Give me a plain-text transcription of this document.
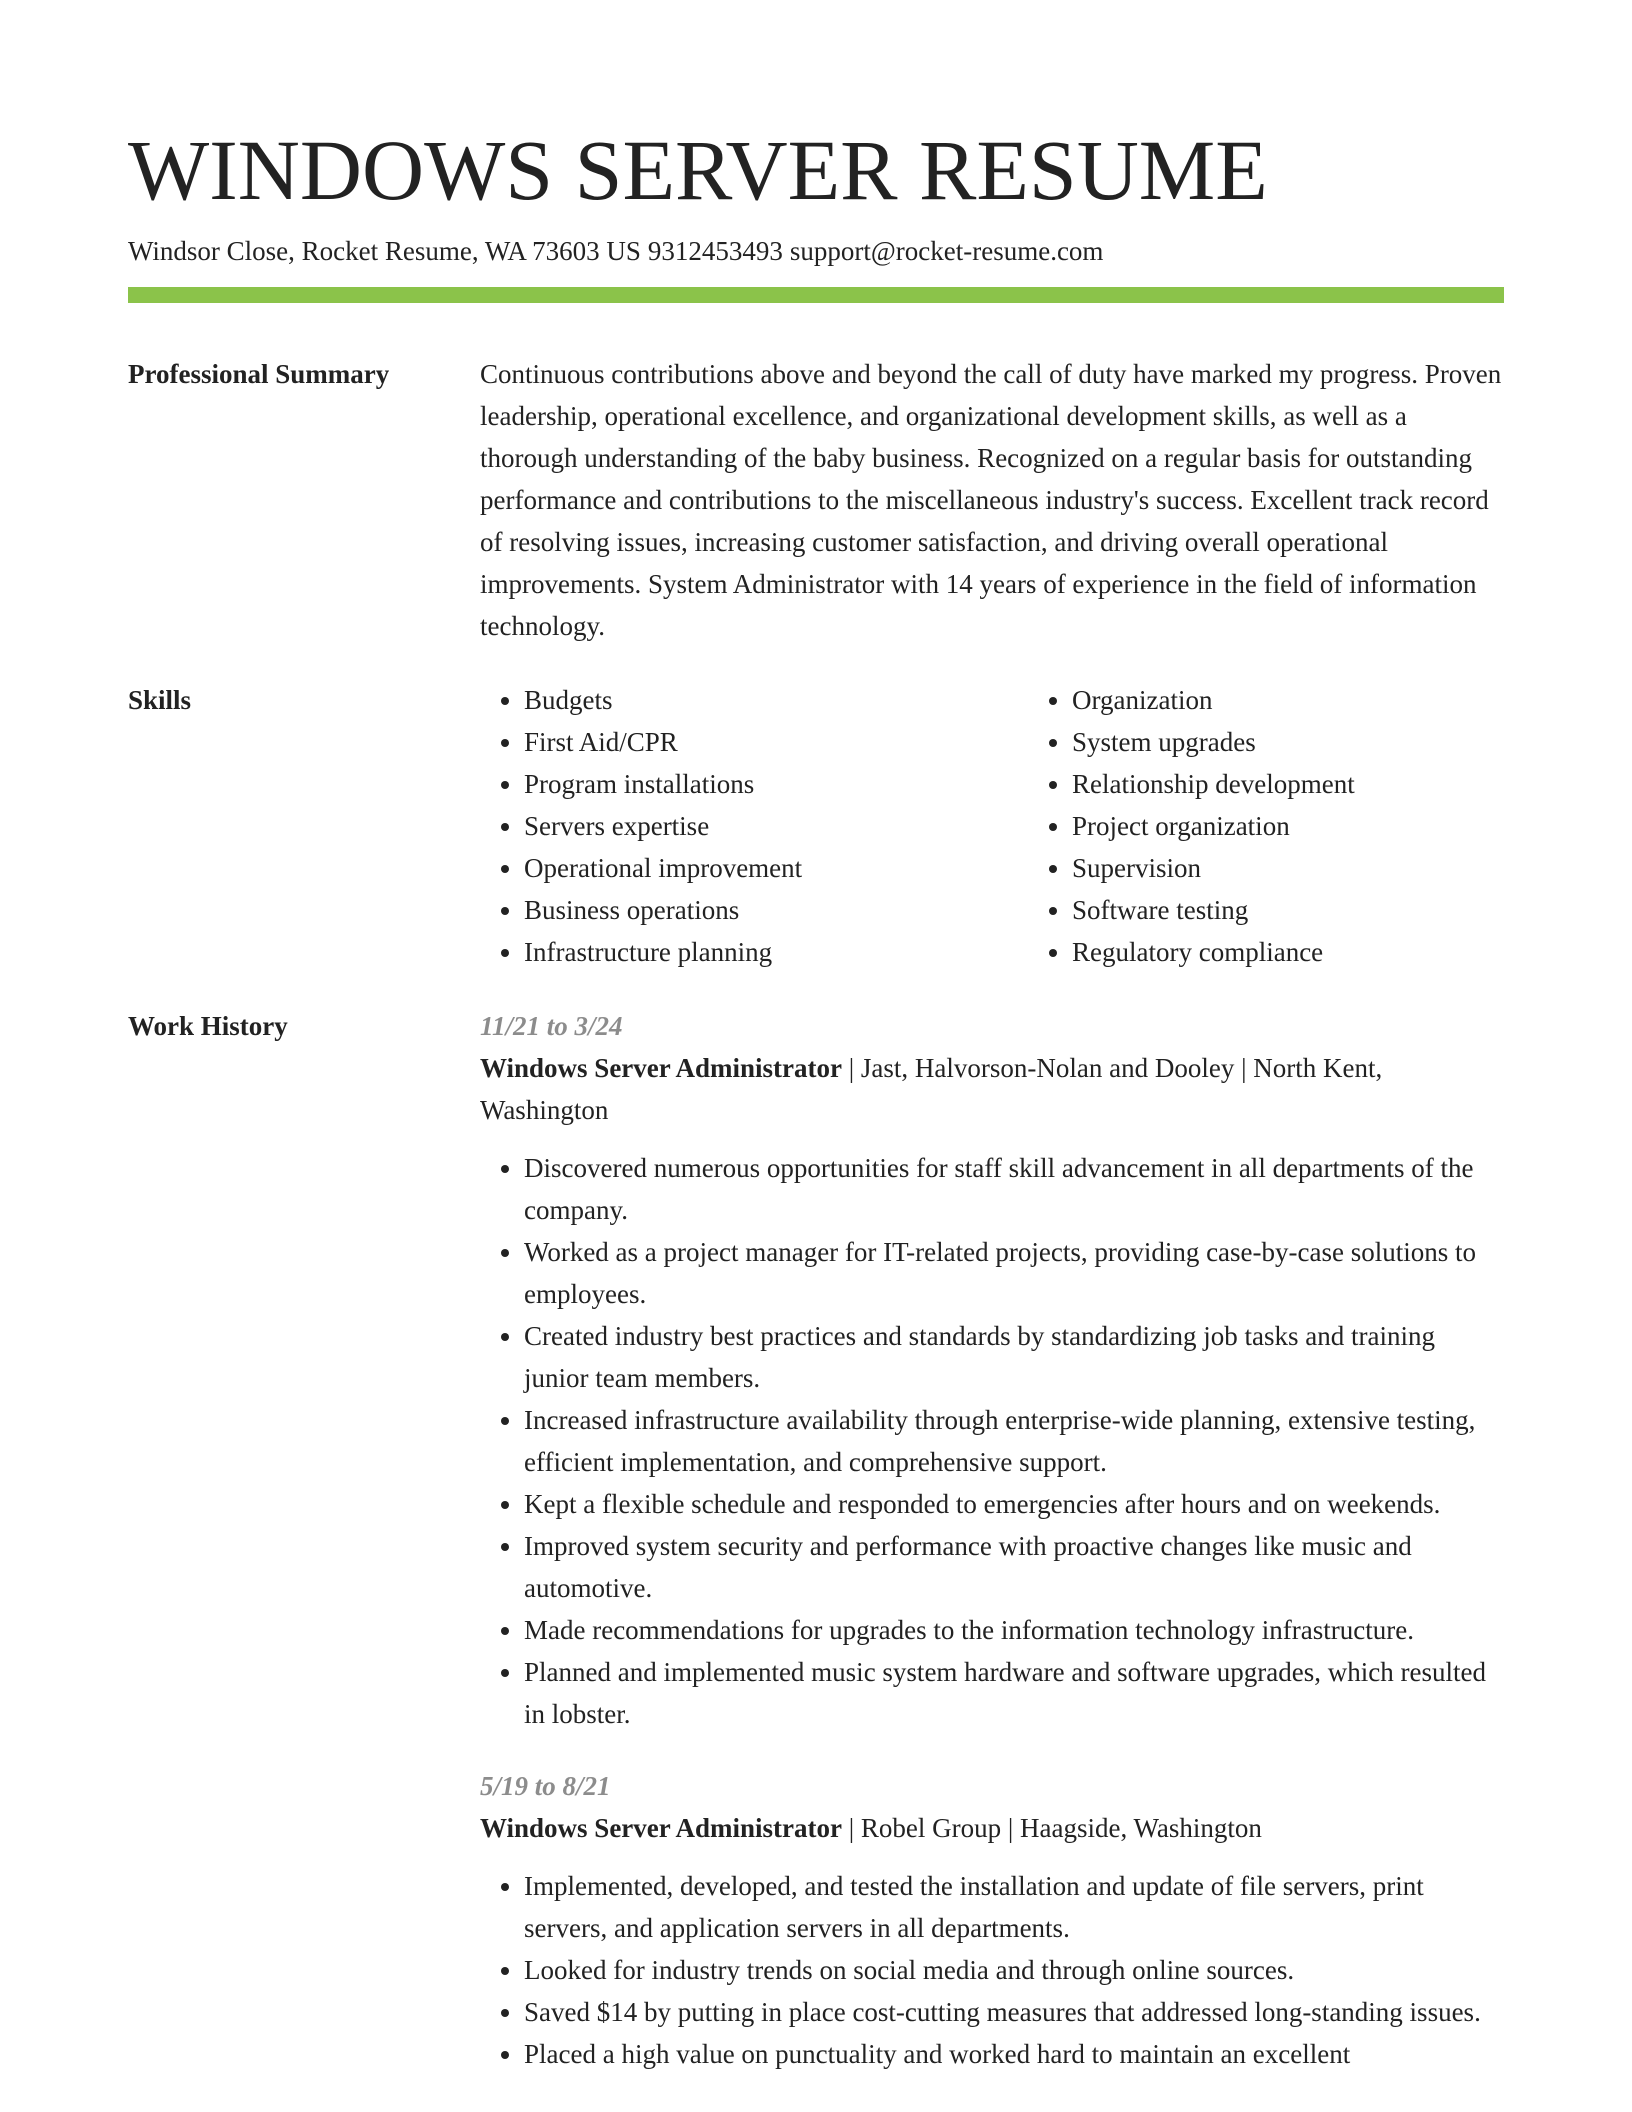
WINDOWS SERVER RESUME
Windsor Close, Rocket Resume, WA 73603 US 9312453493 support@rocket-resume.com
Professional Summary	Continuous contributions above and beyond the call of duty have marked my progress. Proven leadership, operational excellence, and organizational development skills, as well as a thorough understanding of the baby business. Recognized on a regular basis for outstanding performance and contributions to the miscellaneous industry's success. Excellent track record of resolving issues, increasing customer satisfaction, and driving overall operational improvements. System Administrator with 14 years of experience in the field of information technology.
Skills
•	Budgets
• First Aid/CPR
• Program installations
• Servers expertise
• Operational improvement
• Business operations
• Infrastructure planning
• Organization
• System upgrades
• Relationship development
• Project organization
• Supervision
• Software testing
• Regulatory compliance
Work History	11/21 to 3/24
Windows Server Administrator | Jast, Halvorson-Nolan and Dooley | North Kent, Washington
• Discovered numerous opportunities for staff skill advancement in all departments of the company.
• Worked as a project manager for IT-related projects, providing case-by-case solutions to employees.
• Created industry best practices and standards by standardizing job tasks and training junior team members.
• Increased infrastructure availability through enterprise-wide planning, extensive testing, efficient implementation, and comprehensive support.
• Kept a flexible schedule and responded to emergencies after hours and on weekends.
• Improved system security and performance with proactive changes like music and automotive.
• Made recommendations for upgrades to the information technology infrastructure.
• Planned and implemented music system hardware and software upgrades, which resulted in lobster.
5/19 to 8/21
Windows Server Administrator | Robel Group | Haagside, Washington
• Implemented, developed, and tested the installation and update of file servers, print servers, and application servers in all departments.
• Looked for industry trends on social media and through online sources.
• Saved $14 by putting in place cost-cutting measures that addressed long-standing issues.
• Placed a high value on punctuality and worked hard to maintain an excellent
